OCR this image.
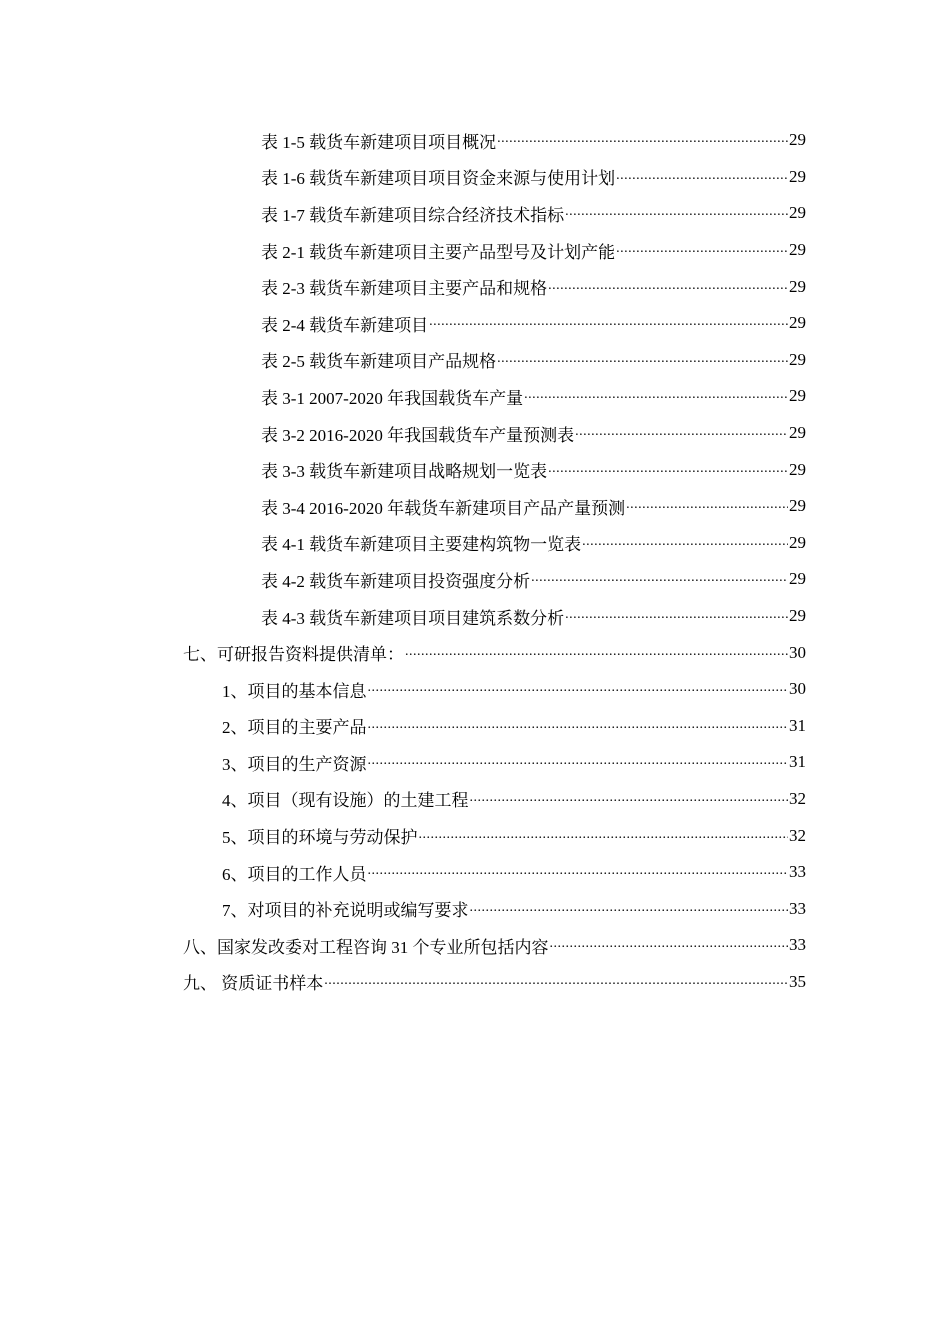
表 1-5 载货车新建项目项目概况 .....	29
表 1-6 载货车新建项目项目资金来源与使用计划 .....	29
表 1-7 载货车新建项目综合经济技术指标 .....	29
表 2-1 载货车新建项目主要产品型号及计划产能 .....	29
表 2-3 载货车新建项目主要产品和规格 .....	29
表 2-4 载货车新建项目 .....	29
表 2-5 载货车新建项目产品规格 .....	29
表 3-1 2007-2020 年我国载货车产量 .....	29
表 3-2 2016-2020 年我国载货车产量预测表 .....	29
表 3-3 载货车新建项目战略规划一览表 .....	29
表 3-4 2016-2020 年载货车新建项目产品产量预测 .....	29
表 4-1 载货车新建项目主要建构筑物一览表 .....	29
表 4-2 载货车新建项目投资强度分析 .....	29
表 4-3 载货车新建项目项目建筑系数分析 .....	29
七、可研报告资料提供清单： .....	30
1、项目的基本信息 .....	30
2、项目的主要产品 .....	31
3、项目的生产资源 .....	31
4、项目（现有设施）的土建工程 .....	32
5、项目的环境与劳动保护 .....	32
6、项目的工作人员 .....	33
7、对项目的补充说明或编写要求 .....	33
八、国家发改委对工程咨询 31 个专业所包括内容 .....	33
九、 资质证书样本 .....	35
